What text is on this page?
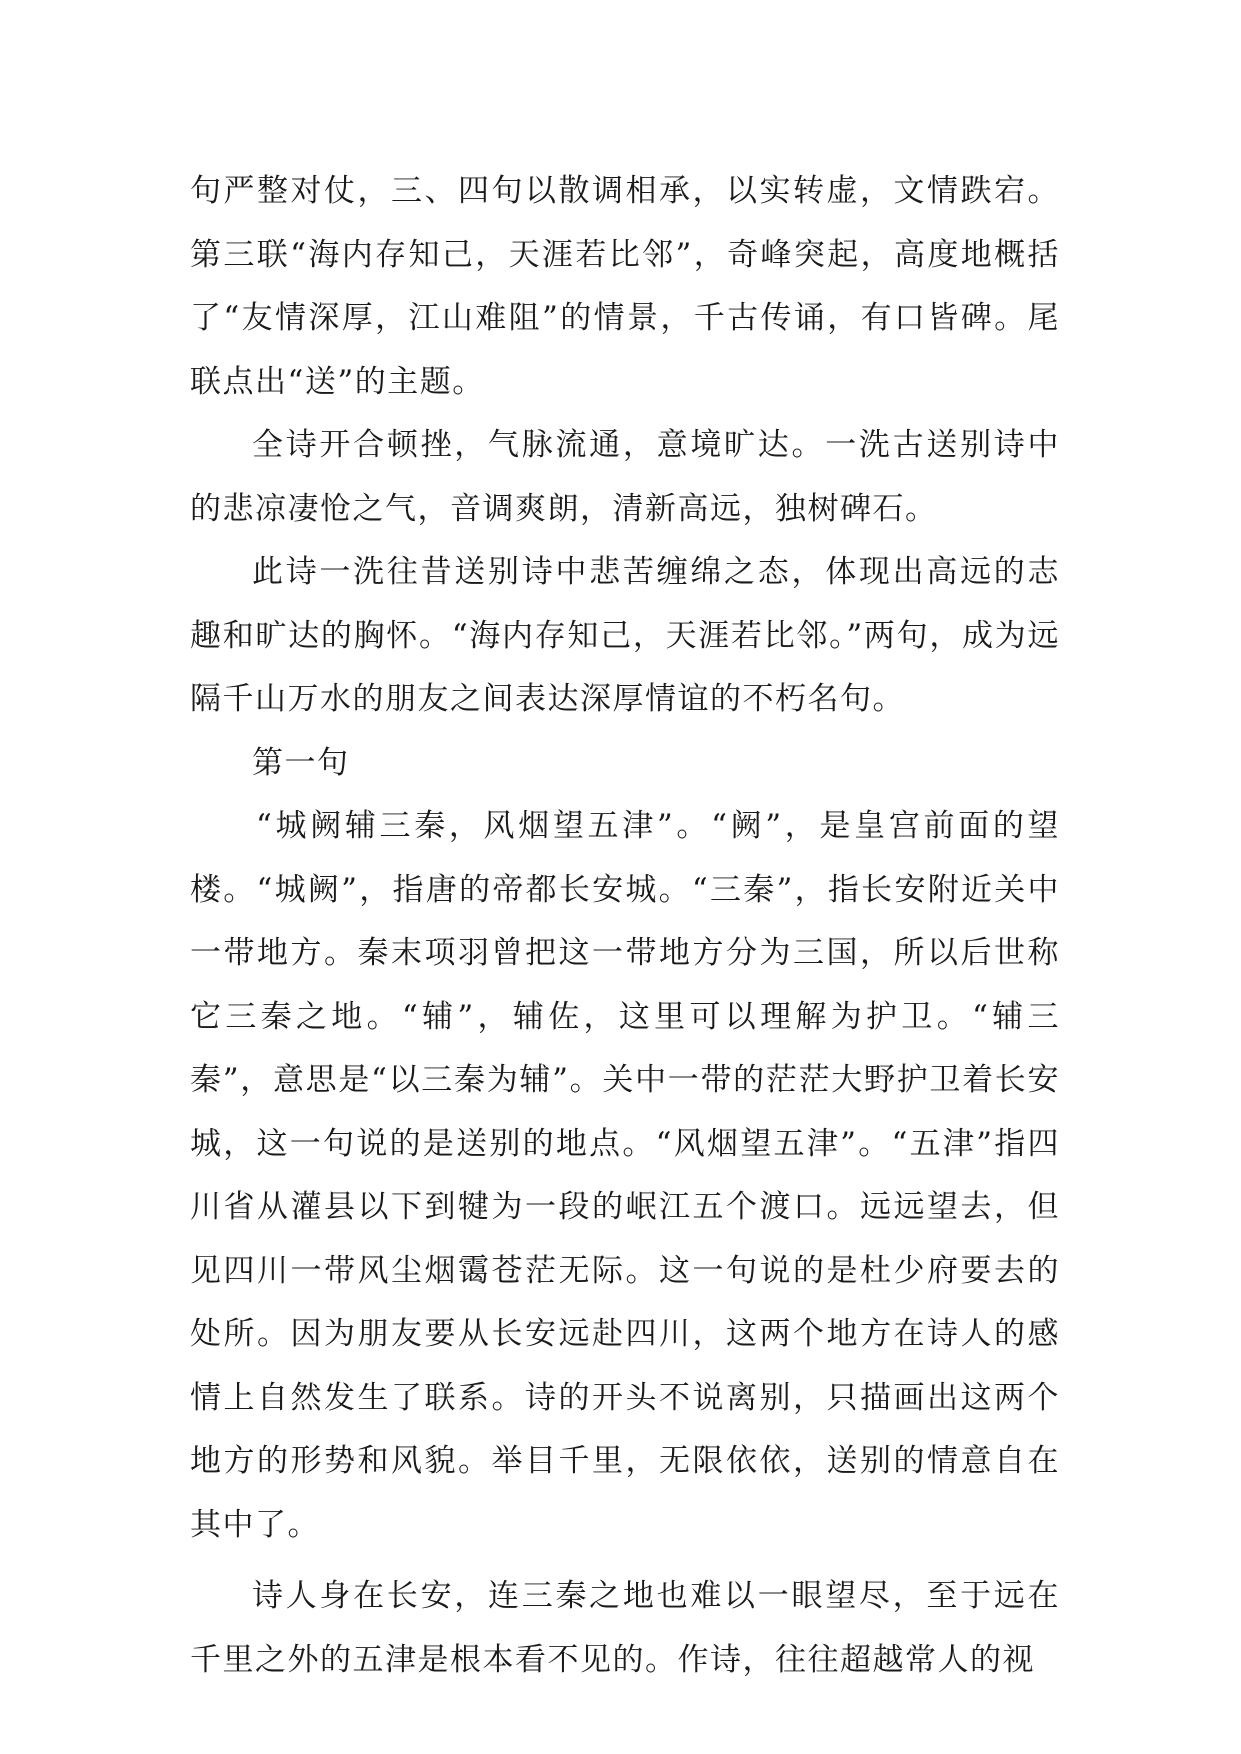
句严整对仗，三、四句以散调相承，以实转虚，文情跌宕。第三联“海内存知己，天涯若比邻”，奇峰突起，高度地概括了“友情深厚，江山难阻”的情景，千古传诵，有口皆碑。尾联点出“送”的主题。

全诗开合顿挫，气脉流通，意境旷达。一洗古送别诗中的悲凉凄怆之气，音调爽朗，清新高远，独树碑石。

此诗一洗往昔送别诗中悲苦缠绵之态，体现出高远的志趣和旷达的胸怀。“海内存知己，天涯若比邻。”两句，成为远隔千山万水的朋友之间表达深厚情谊的不朽名句。

第一句

“城阙辅三秦，风烟望五津”。“阙”，是皇宫前面的望楼。“城阙”，指唐的帝都长安城。“三秦”，指长安附近关中一带地方。秦末项羽曾把这一带地方分为三国，所以后世称它三秦之地。“辅”，辅佐，这里可以理解为护卫。“辅三秦”，意思是“以三秦为辅”。关中一带的茫茫大野护卫着长安城，这一句说的是送别的地点。“风烟望五津”。“五津”指四川省从灌县以下到犍为一段的岷江五个渡口。远远望去，但见四川一带风尘烟霭苍茫无际。这一句说的是杜少府要去的处所。因为朋友要从长安远赴四川，这两个地方在诗人的感情上自然发生了联系。诗的开头不说离别，只描画出这两个地方的形势和风貌。举目千里，无限依依，送别的情意自在其中了。

诗人身在长安，连三秦之地也难以一眼望尽，至于远在千里之外的五津是根本看不见的。作诗，往往超越常人的视
